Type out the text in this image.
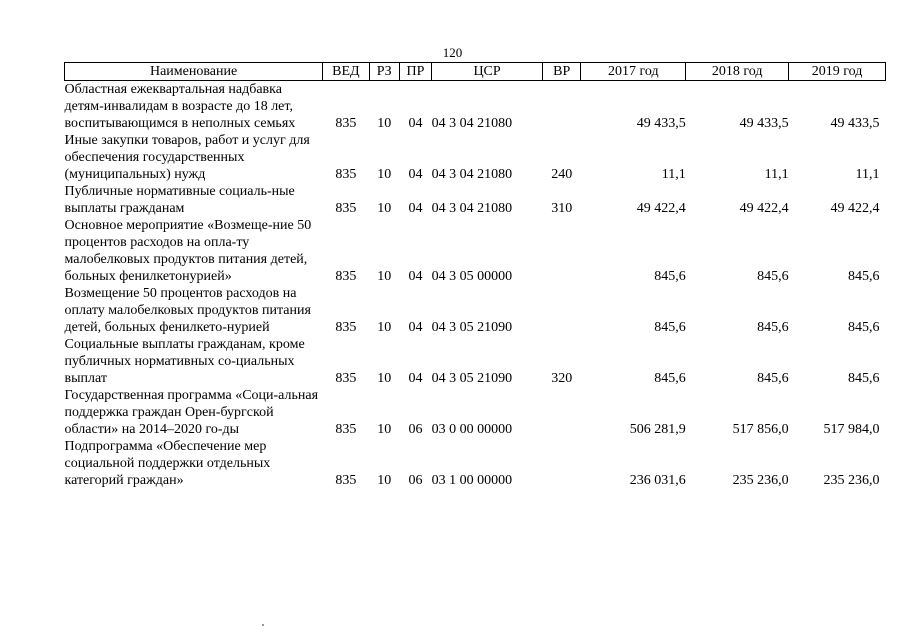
120
Наименование	ВЕД	РЗ	ПР	ЦСР	ВР	2017 год	2018 год	2019 год
Областная ежеквартальная надбавка детям-инвалидам в возрасте до 18 лет, воспитывающимся в неполных семьях	835	10	04	04 3 04 21080		49 433,5	49 433,5	49 433,5
Иные закупки товаров, работ и услуг для обеспечения государственных (муниципальных) нужд	835	10	04	04 3 04 21080	240	11,1	11,1	11,1
Публичные нормативные социаль-ные выплаты гражданам	835	10	04	04 3 04 21080	310	49 422,4	49 422,4	49 422,4
Основное мероприятие «Возмеще-ние 50 процентов расходов на опла-ту малобелковых продуктов питания детей, больных фенилкетонурией»	835	10	04	04 3 05 00000		845,6	845,6	845,6
Возмещение 50 процентов расходов на оплату малобелковых продуктов питания детей, больных фенилкето-нурией	835	10	04	04 3 05 21090		845,6	845,6	845,6
Социальные выплаты гражданам, кроме публичных нормативных со-циальных выплат	835	10	04	04 3 05 21090	320	845,6	845,6	845,6
Государственная программа «Соци-альная поддержка граждан Орен-бургской области» на 2014–2020 го-ды	835	10	06	03 0 00 00000		506 281,9	517 856,0	517 984,0
Подпрограмма «Обеспечение мер социальной поддержки отдельных категорий граждан»	835	10	06	03 1 00 00000		236 031,6	235 236,0	235 236,0
